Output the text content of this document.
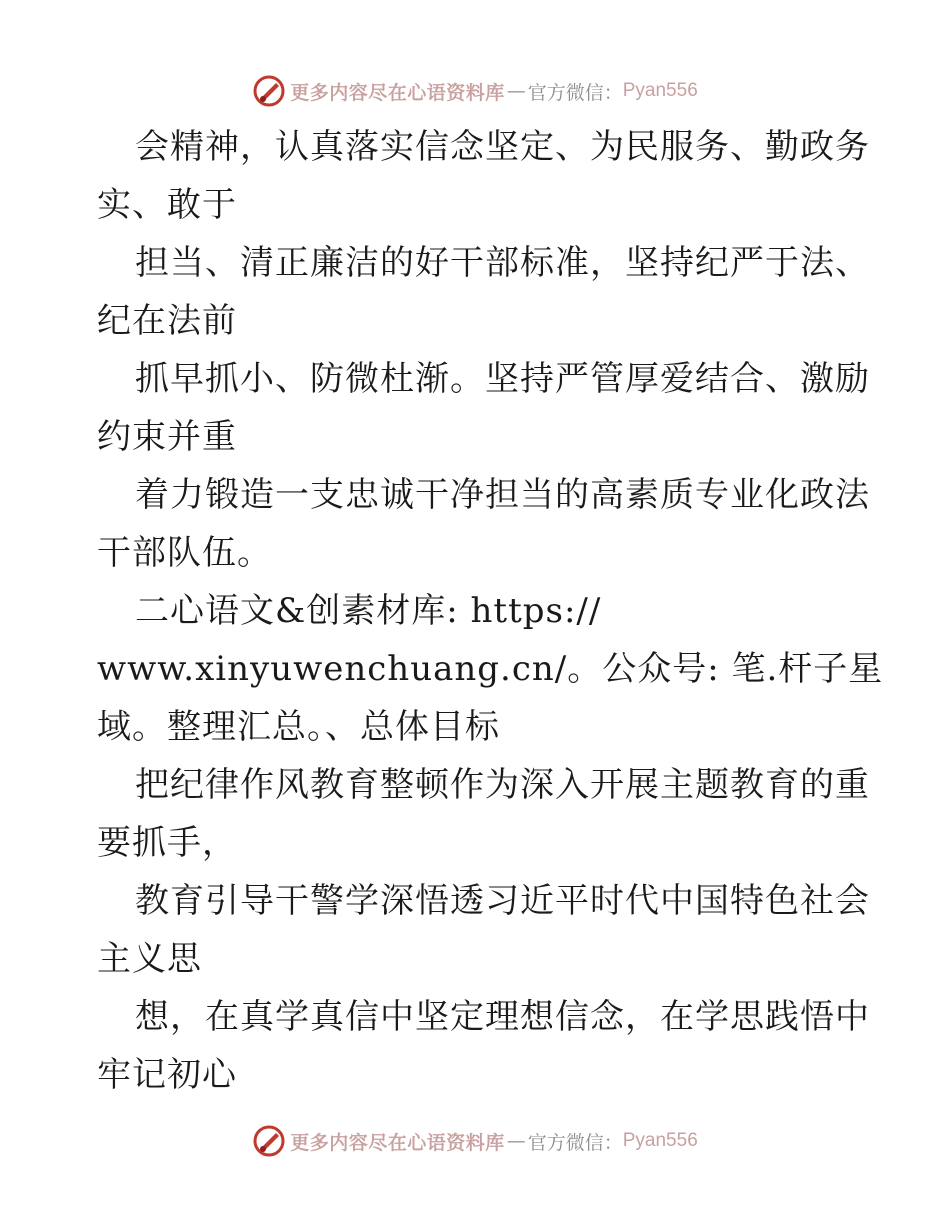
更多内容尽在心语资料库 — 官方微信： Pyan556
会精神，认真落实信念坚定、为民服务、勤政务
实、敢于
担当、清正廉洁的好干部标准，坚持纪严于法、
纪在法前
抓早抓小、防微杜渐。坚持严管厚爱结合、激励
约束并重
着力锻造一支忠诚干净担当的高素质专业化政法
干部队伍。
二心语文&创素材库: https://
www.xinyuwenchuang.cn/。公众号: 笔.杆子星
域。整理汇总。、总体目标
把纪律作风教育整顿作为深入开展主题教育的重
要抓手，
教育引导干警学深悟透习近平时代中国特色社会
主义思
想，在真学真信中坚定理想信念，在学思践悟中
牢记初心
更多内容尽在心语资料库 — 官方微信： Pyan556
